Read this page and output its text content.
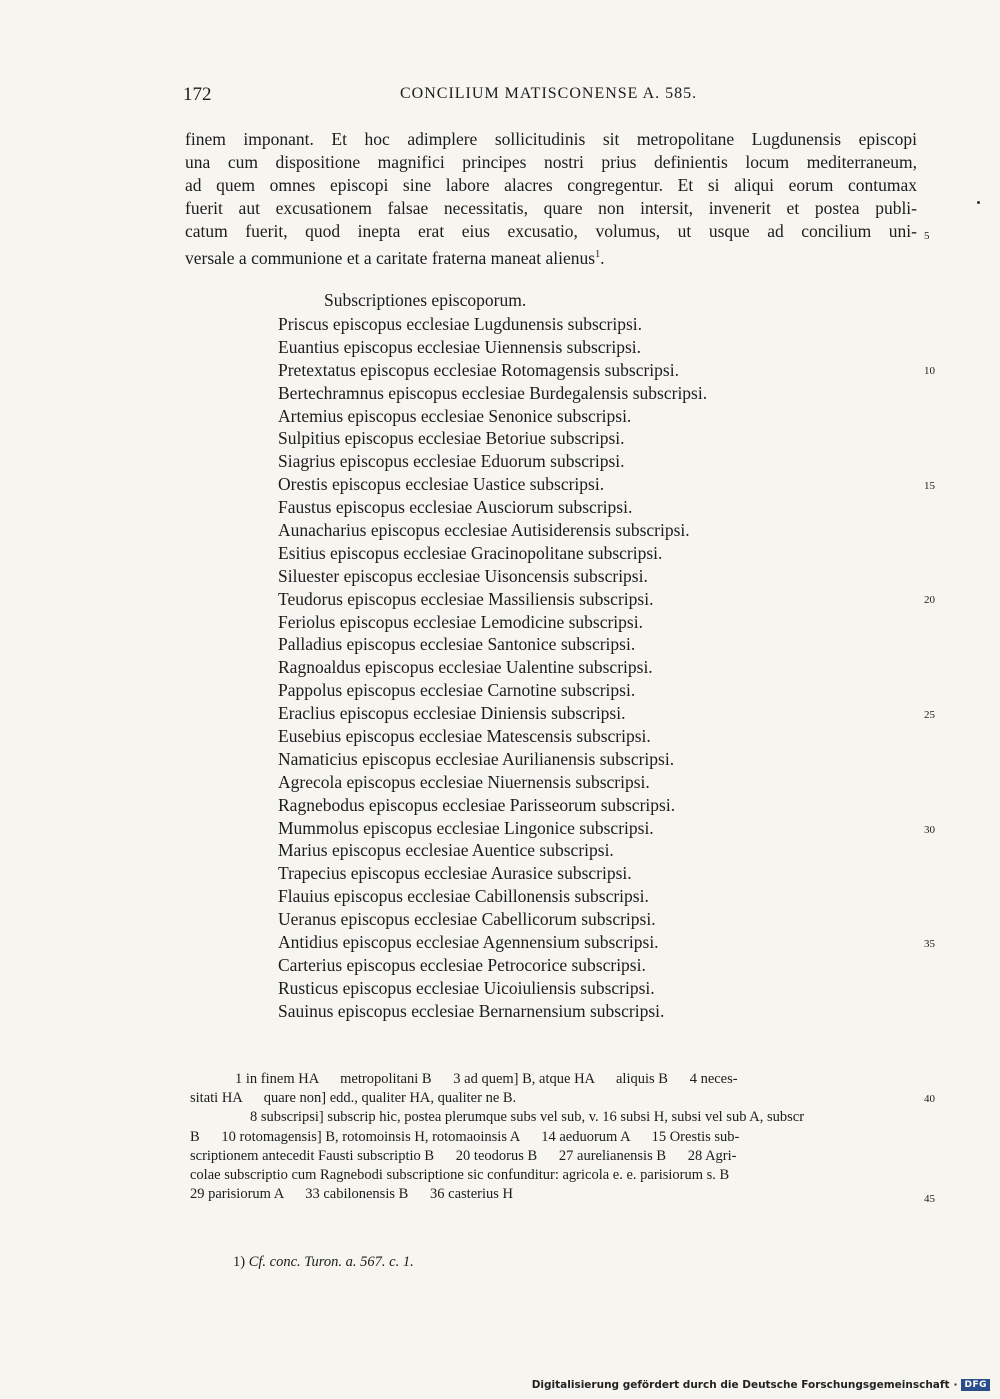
172	CONCILIUM MATISCONENSE A. 585.
finem imponant. Et hoc adimplere sollicitudinis sit metropolitane Lugdunensis episcopi
una cum dispositione magnifici principes nostri prius definientis locum mediterraneum,
ad quem omnes episcopi sine labore alacres congregentur. Et si aliqui eorum contumax
fuerit aut excusationem falsae necessitatis, quare non intersit, invenerit et postea publi-
catum fuerit, quod inepta erat eius excusatio, volumus, ut usque ad concilium uni-
versale a communione et a caritate fraterna maneat alienus$^1$.
Subscriptiones episcoporum.
Priscus episcopus ecclesiae Lugdunensis subscripsi.
Euantius episcopus ecclesiae Uiennensis subscripsi.
Pretextatus episcopus ecclesiae Rotomagensis subscripsi.
Bertechramnus episcopus ecclesiae Burdegalensis subscripsi.
Artemius episcopus ecclesiae Senonice subscripsi.
Sulpitius episcopus ecclesiae Betoriue subscripsi.
Siagrius episcopus ecclesiae Eduorum subscripsi.
Orestis episcopus ecclesiae Uastice subscripsi.
Faustus episcopus ecclesiae Ausciorum subscripsi.
Aunacharius episcopus ecclesiae Autisiderensis subscripsi.
Esitius episcopus ecclesiae Gracinopolitane subscripsi.
Siluester episcopus ecclesiae Uisoncensis subscripsi.
Teudorus episcopus ecclesiae Massiliensis subscripsi.
Feriolus episcopus ecclesiae Lemodicine subscripsi.
Palladius episcopus ecclesiae Santonice subscripsi.
Ragnoaldus episcopus ecclesiae Ualentine subscripsi.
Pappolus episcopus ecclesiae Carnotine subscripsi.
Eraclius episcopus ecclesiae Diniensis subscripsi.
Eusebius episcopus ecclesiae Matescensis subscripsi.
Namaticius episcopus ecclesiae Aurilianensis subscripsi.
Agrecola episcopus ecclesiae Niuernensis subscripsi.
Ragnebodus episcopus ecclesiae Parisseorum subscripsi.
Mummolus episcopus ecclesiae Lingonice subscripsi.
Marius episcopus ecclesiae Auentice subscripsi.
Trapecius episcopus ecclesiae Aurasice subscripsi.
Flauius episcopus ecclesiae Cabillonensis subscripsi.
Ueranus episcopus ecclesiae Cabellicorum subscripsi.
Antidius episcopus ecclesiae Agennensium subscripsi.
Carterius episcopus ecclesiae Petrocorice subscripsi.
Rusticus episcopus ecclesiae Uicoiuliensis subscripsi.
Sauinus episcopus ecclesiae Bernarnensium subscripsi.
5
10
15
20
25
30
35
40
45
1 in finem HA      metropolitani B      3 ad quem] B, atque HA      aliquis B      4 neces-
sitati HA      quare non] edd., qualiter HA, qualiter ne B.
8 subscripsi] subscrip hic, postea plerumque subs vel sub, v. 16 subsi H, subsi vel sub A, subscr
B      10 rotomagensis] B, rotomoinsis H, rotomaoinsis A      14 aeduorum A      15 Orestis sub-
scriptionem antecedit Fausti subscriptio B      20 teodorus B      27 aurelianensis B      28 Agri-
colae subscriptio cum Ragnebodi subscriptione sic confunditur: agricola e. e. parisiorum s. B
29 parisiorum A      33 cabilonensis B      36 casterius H
1) Cf. conc. Turon. a. 567. c. 1.
Digitalisierung gefördert durch die Deutsche Forschungsgemeinschaft · DFG
